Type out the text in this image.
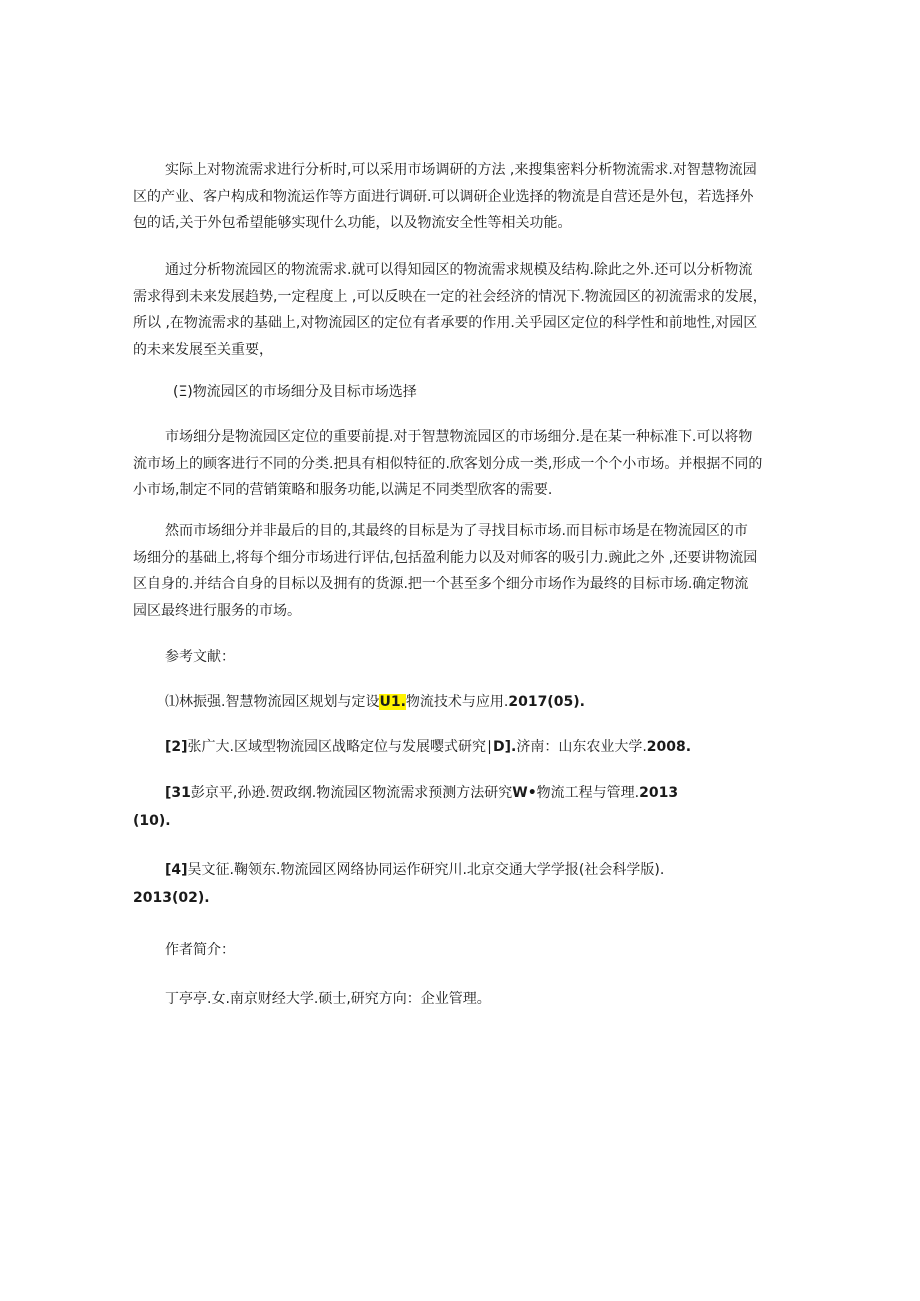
实际上对物流需求进行分析时,可以采用市场调研的方法 ,来搜集密料分析物流需求.对智慧物流园
区的产业、客户构成和物流运作等方面进行调研.可以调研企业选择的物流是自营还是外包，若选择外
包的话,关于外包希望能够实现什么功能，以及物流安全性等相关功能。
通过分析物流园区的物流需求.就可以得知园区的物流需求规模及结构.除此之外.还可以分析物流
需求得到未来发展趋势,一定程度上 ,可以反映在一定的社会经济的情况下.物流园区的初流需求的发展，
所以 ,在物流需求的基础上,对物流园区的定位有者承要的作用.关乎园区定位的科学性和前地性,对园区
的未来发展至关重要，
(Ξ)物流园区的市场细分及目标市场选择
市场细分是物流园区定位的重要前提.对于智慧物流园区的市场细分.是在某一种标准下.可以将物
流市场上的顾客进行不同的分类.把具有相似特征的.欣客划分成一类,形成一个个小市场。并根据不同的
小市场,制定不同的营销策略和服务功能,以满足不同类型欣客的需要.
然而市场细分并非最后的目的,其最终的目标是为了寻找目标市场.而目标市场是在物流园区的市
场细分的基础上,将每个细分市场进行评估,包括盈利能力以及对师客的吸引力.豌此之外 ,还要讲物流园
区自身的.并结合自身的目标以及拥有的货源.把一个甚至多个细分市场作为最终的目标市场.确定物流
园区最终进行服务的市场。
参考文献：
⑴林振强.智慧物流园区规划与定设U1.物流技术与应用.2017(05).
[2]张广大.区域型物流园区战略定位与发展嘤式研究∣D].济南：山东农业大学.2008.
[31彭京平,孙逊.贺政纲.物流园区物流需求预测方法研究W•物流工程与管理.2013
(10).
[4]吴文征.鞠领东.物流园区网络协同运作研究川.北京交通大学学报(社会科学版).
2013(02).
作者简介：
丁亭亭.女.南京财经大学.硕士,研究方向：企业管理。
